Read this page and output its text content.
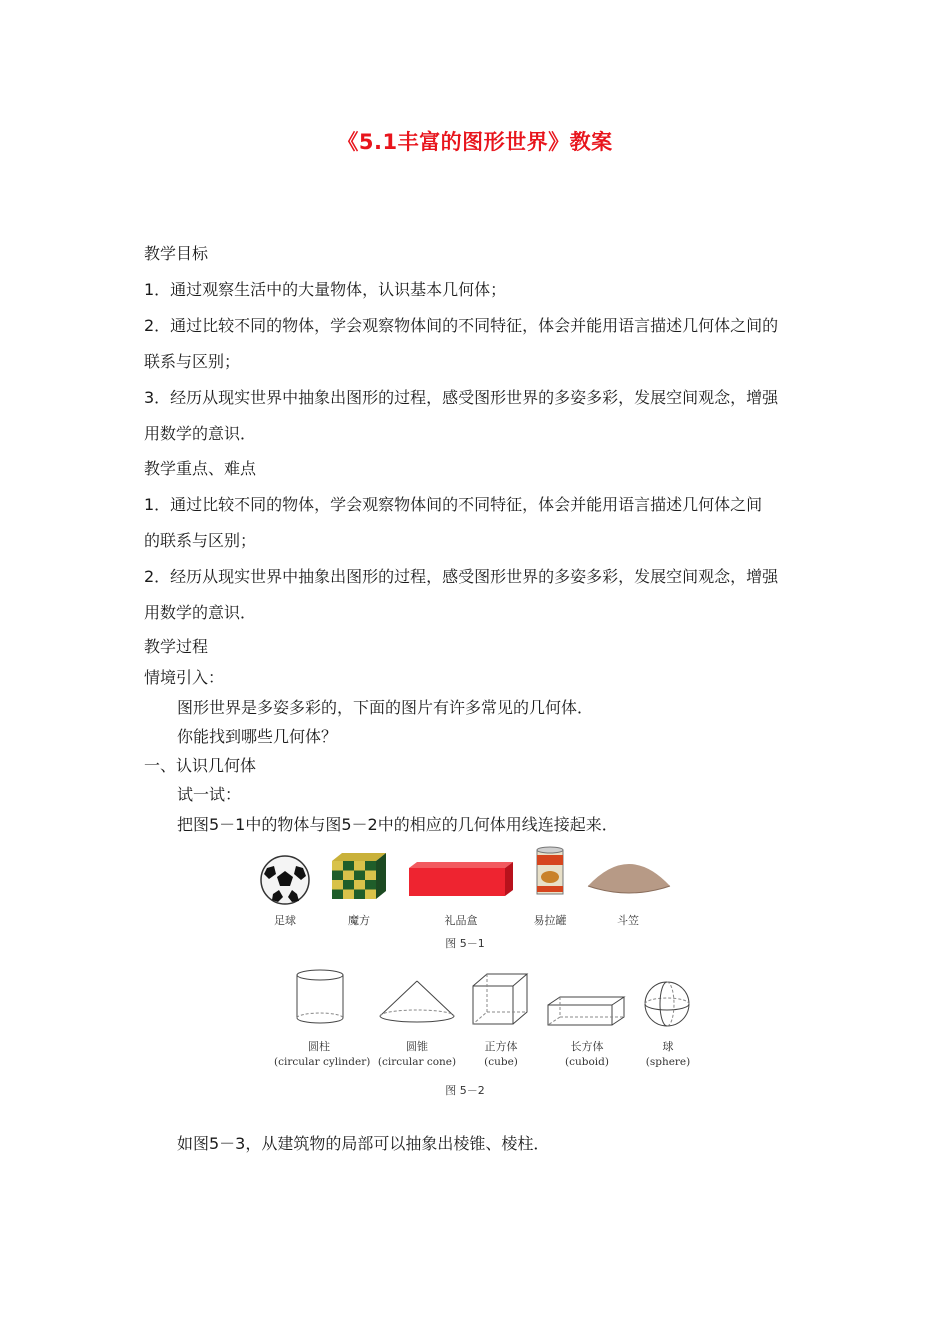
《5.1丰富的图形世界》教案
教学目标
1．通过观察生活中的大量物体，认识基本几何体；
2．通过比较不同的物体，学会观察物体间的不同特征，体会并能用语言描述几何体之间的
联系与区别；
3．经历从现实世界中抽象出图形的过程，感受图形世界的多姿多彩，发展空间观念，增强
用数学的意识．
教学重点、难点
1．通过比较不同的物体，学会观察物体间的不同特征，体会并能用语言描述几何体之间
的联系与区别；
2．经历从现实世界中抽象出图形的过程，感受图形世界的多姿多彩，发展空间观念，增强
用数学的意识．
教学过程
情境引入：
图形世界是多姿多彩的，下面的图片有许多常见的几何体．
你能找到哪些几何体？
一、认识几何体
试一试：
把图5－1中的物体与图5－2中的相应的几何体用线连接起来．
足球	魔方	礼品盒	易拉罐	斗笠
图 5－1
圆柱	圆锥	正方体	长方体	球
(circular cylinder) (circular cone)	(cube)	(cuboid)	(sphere)
图 5－2
如图5－3，从建筑物的局部可以抽象出棱锥、棱柱．
